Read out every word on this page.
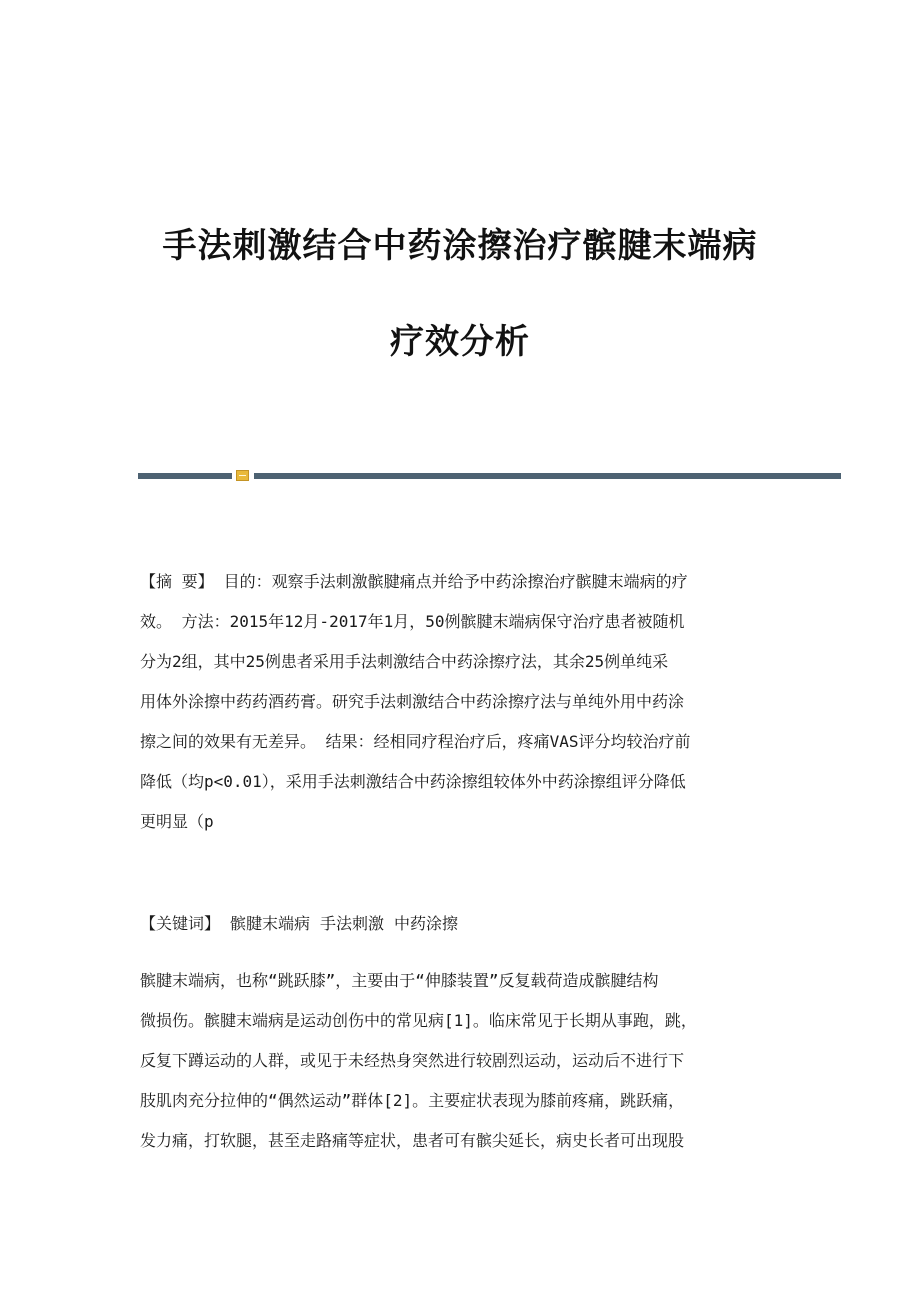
手法刺激结合中药涂擦治疗髌腱末端病
疗效分析
【摘 要】 目的：观察手法刺激髌腱痛点并给予中药涂擦治疗髌腱末端病的疗
效。 方法：2015年12月-2017年1月，50例髌腱末端病保守治疗患者被随机
分为2组，其中25例患者采用手法刺激结合中药涂擦疗法，其余25例单纯采
用体外涂擦中药药酒药膏。研究手法刺激结合中药涂擦疗法与单纯外用中药涂
擦之间的效果有无差异。 结果：经相同疗程治疗后，疼痛VAS评分均较治疗前
降低（均p<0.01），采用手法刺激结合中药涂擦组较体外中药涂擦组评分降低
更明显（p
【关键词】 髌腱末端病 手法刺激 中药涂擦
髌腱末端病，也称“跳跃膝”，主要由于“伸膝装置”反复载荷造成髌腱结构
微损伤。髌腱末端病是运动创伤中的常见病[1]。临床常见于长期从事跑，跳，
反复下蹲运动的人群，或见于未经热身突然进行较剧烈运动，运动后不进行下
肢肌肉充分拉伸的“偶然运动”群体[2]。主要症状表现为膝前疼痛，跳跃痛，
发力痛，打软腿，甚至走路痛等症状，患者可有髌尖延长，病史长者可出现股
